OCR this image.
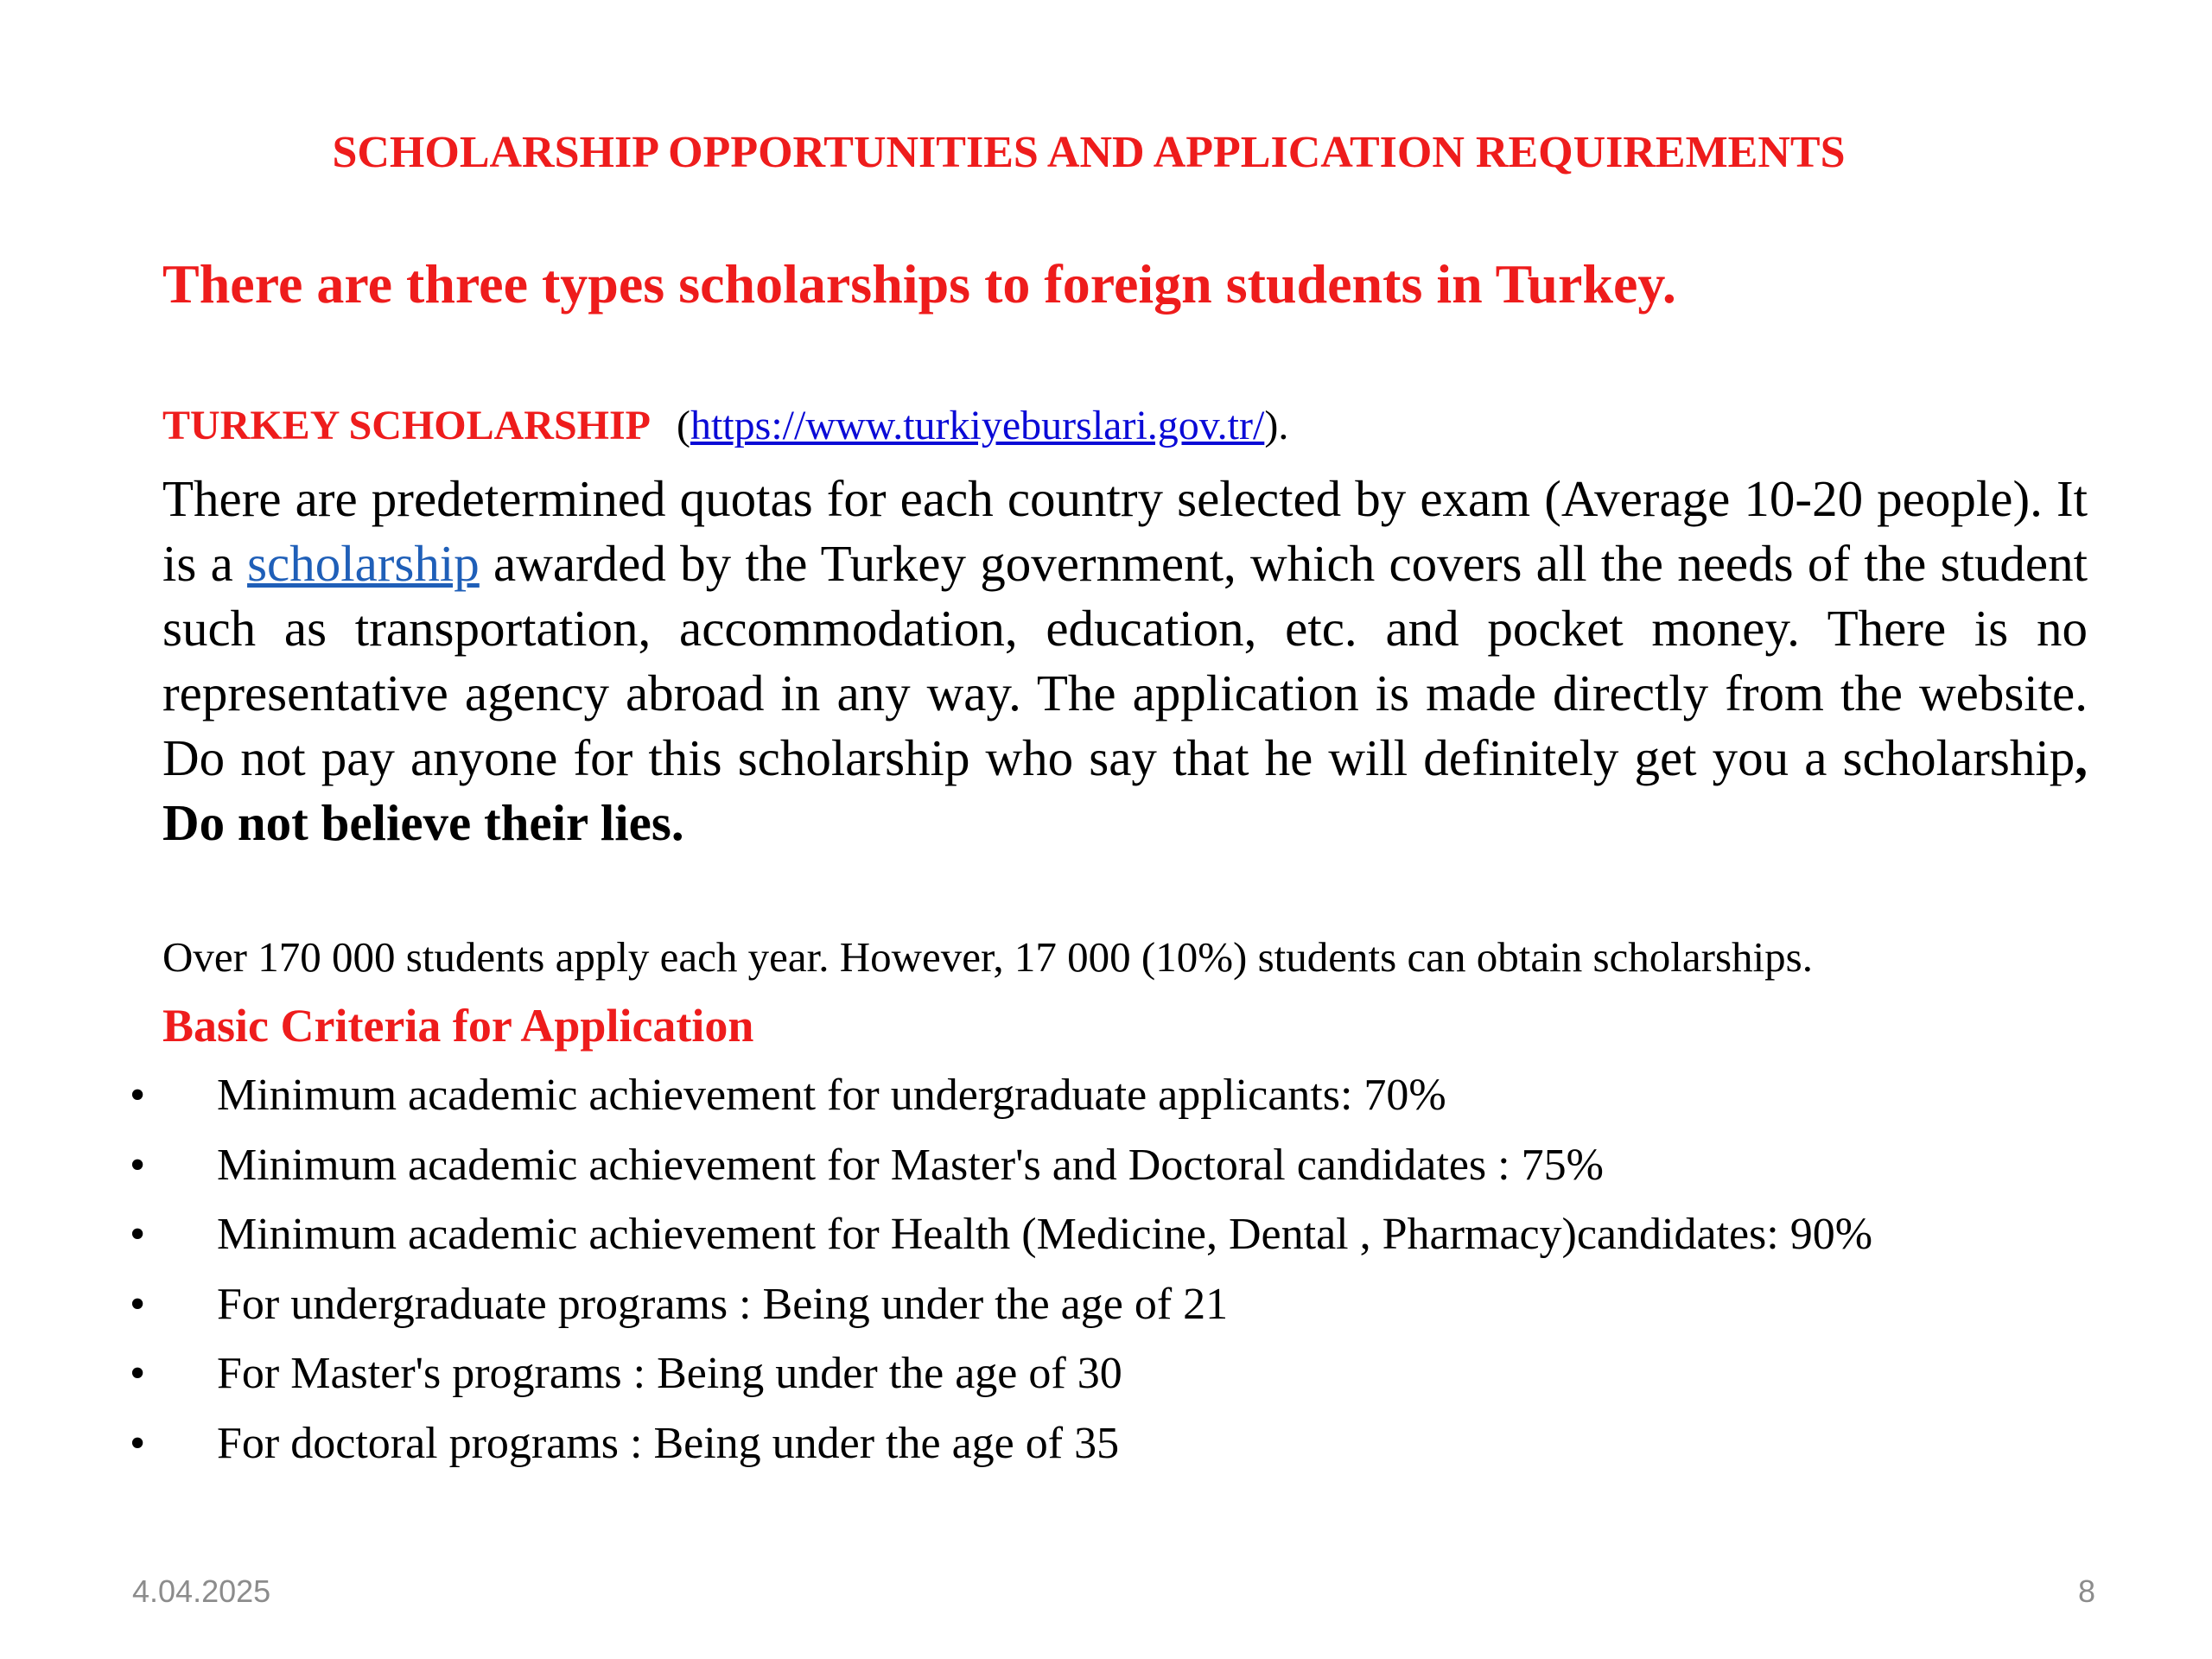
SCHOLARSHIP OPPORTUNITIES AND APPLICATION REQUIREMENTS
There are three types scholarships to foreign students in Turkey.
TURKEY SCHOLARSHIP (https://www.turkiyeburslari.gov.tr/).
There are predetermined quotas for each country selected by exam (Average 10-20 people). It is a scholarship awarded by the Turkey government, which covers all the needs of the student such as transportation, accommodation, education, etc. and pocket money. There is no representative agency abroad in any way. The application is made directly from the website. Do not pay anyone for this scholarship who say that he will definitely get you a scholarship, Do not believe their lies.
Over 170 000 students apply each year. However, 17 000 (10%) students can obtain scholarships.
Basic Criteria for Application
•	Minimum academic achievement for undergraduate applicants: 70%
•	Minimum academic achievement for Master's and Doctoral candidates : 75%
•	Minimum academic achievement for Health (Medicine, Dental , Pharmacy)candidates: 90%
•	For undergraduate programs : Being under the age of 21
•	For Master's programs : Being under the age of 30
•	For doctoral programs : Being under the age of 35
4.04.2025	8
